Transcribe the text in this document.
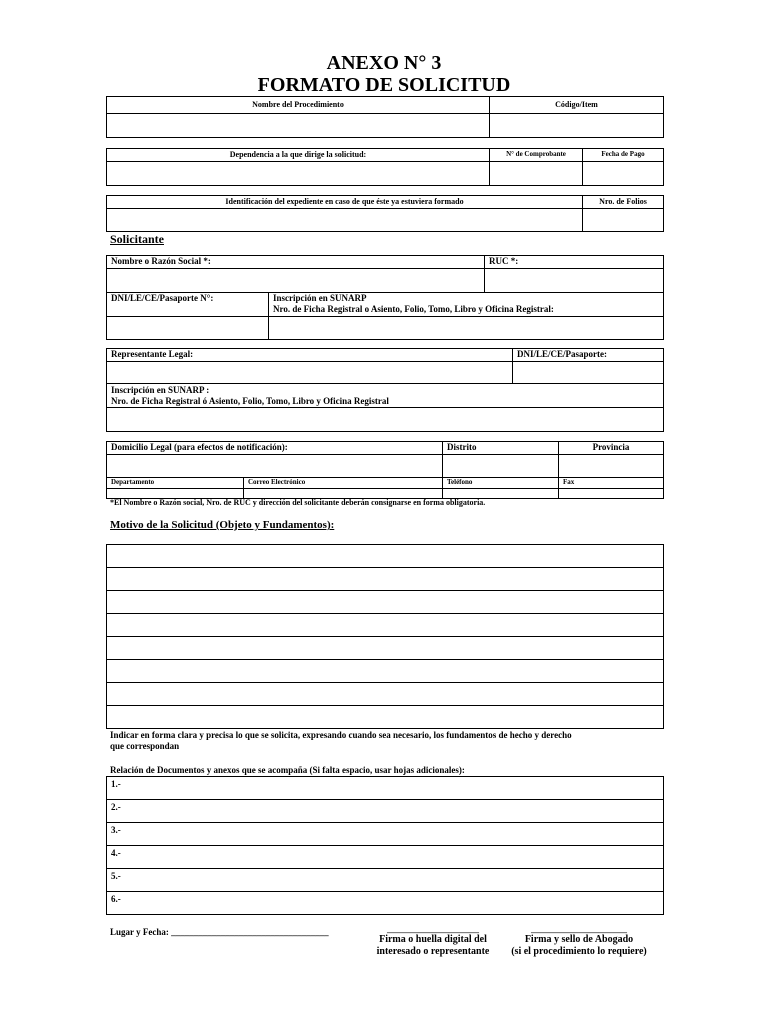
ANEXO N° 3
FORMATO DE SOLICITUD
Nombre del Procedimiento	Código/Item

Dependencia a la que dirige la solicitud:	N° de Comprobante	Fecha de Pago

Identificación del expediente en caso de que éste ya estuviera formado	Nro. de Folios

Solicitante
Nombre o Razón Social *:		RUC *:

DNI/LE/CE/Pasaporte N°:	Inscripción en SUNARP
Nro. de Ficha Registral o Asiento, Folio, Tomo, Libro y Oficina Registral:	

Representante Legal:	DNI/LE/CE/Pasaporte:

Inscripción en SUNARP :
Nro. de Ficha Registral ó Asiento, Folio, Tomo, Libro y Oficina Registral	

Domicilio Legal (para efectos de notificación):		Distrito	Provincia

Departamento	Correo Electrónico	Teléfono	Fax

*El Nombre o Razón social, Nro. de RUC y dirección del solicitante deberán consignarse en forma obligatoria.
Motivo de la Solicitud (Objeto y Fundamentos):

Indicar en forma clara y precisa lo que se solicita, expresando cuando sea necesario, los fundamentos de hecho y derecho
que correspondan
Relación de Documentos y anexos que se acompaña (Si falta espacio, usar hojas adicionales):
1.-
2.-
3.-
4.-
5.-
6.-
Lugar y Fecha: ___________________________________	_______________________
Firma o huella digital del
interesado o representante
________________________
Firma y sello de Abogado
(si el procedimiento lo requiere)
